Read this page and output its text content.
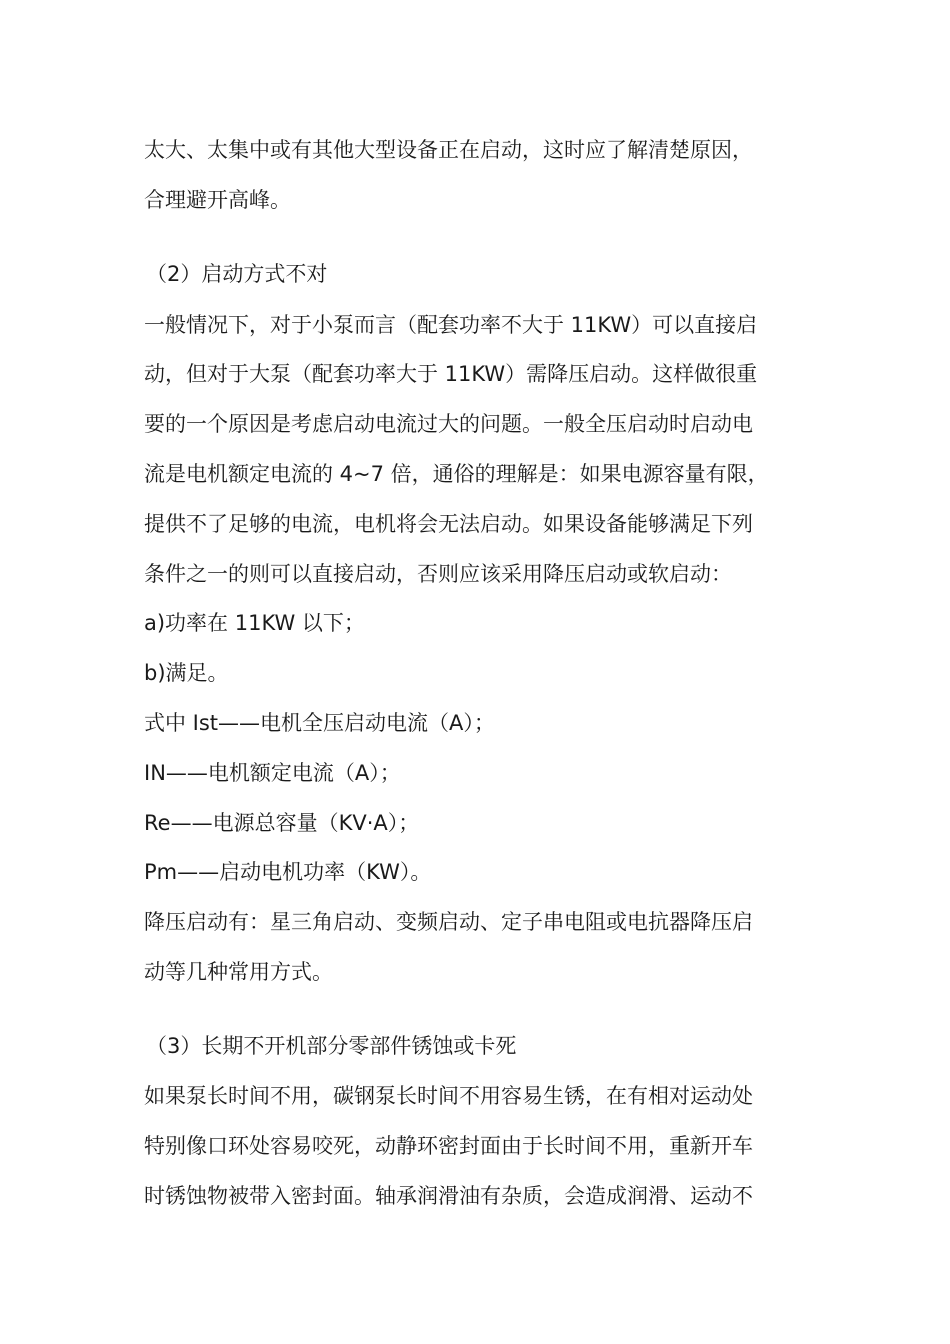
太大、太集中或有其他大型设备正在启动，这时应了解清楚原因，
合理避开高峰。
（2）启动方式不对
一般情况下，对于小泵而言（配套功率不大于 11KW）可以直接启
动，但对于大泵（配套功率大于 11KW）需降压启动。这样做很重
要的一个原因是考虑启动电流过大的问题。一般全压启动时启动电
流是电机额定电流的 4~7 倍，通俗的理解是：如果电源容量有限，
提供不了足够的电流，电机将会无法启动。如果设备能够满足下列
条件之一的则可以直接启动，否则应该采用降压启动或软启动：
a)功率在 11KW 以下；
b)满足。
式中 Ist——电机全压启动电流（A）；
IN——电机额定电流（A）；
Re——电源总容量（KV·A）；
Pm——启动电机功率（KW）。
降压启动有：星三角启动、变频启动、定子串电阻或电抗器降压启
动等几种常用方式。
（3）长期不开机部分零部件锈蚀或卡死
如果泵长时间不用，碳钢泵长时间不用容易生锈，在有相对运动处
特别像口环处容易咬死，动静环密封面由于长时间不用，重新开车
时锈蚀物被带入密封面。轴承润滑油有杂质，会造成润滑、运动不
